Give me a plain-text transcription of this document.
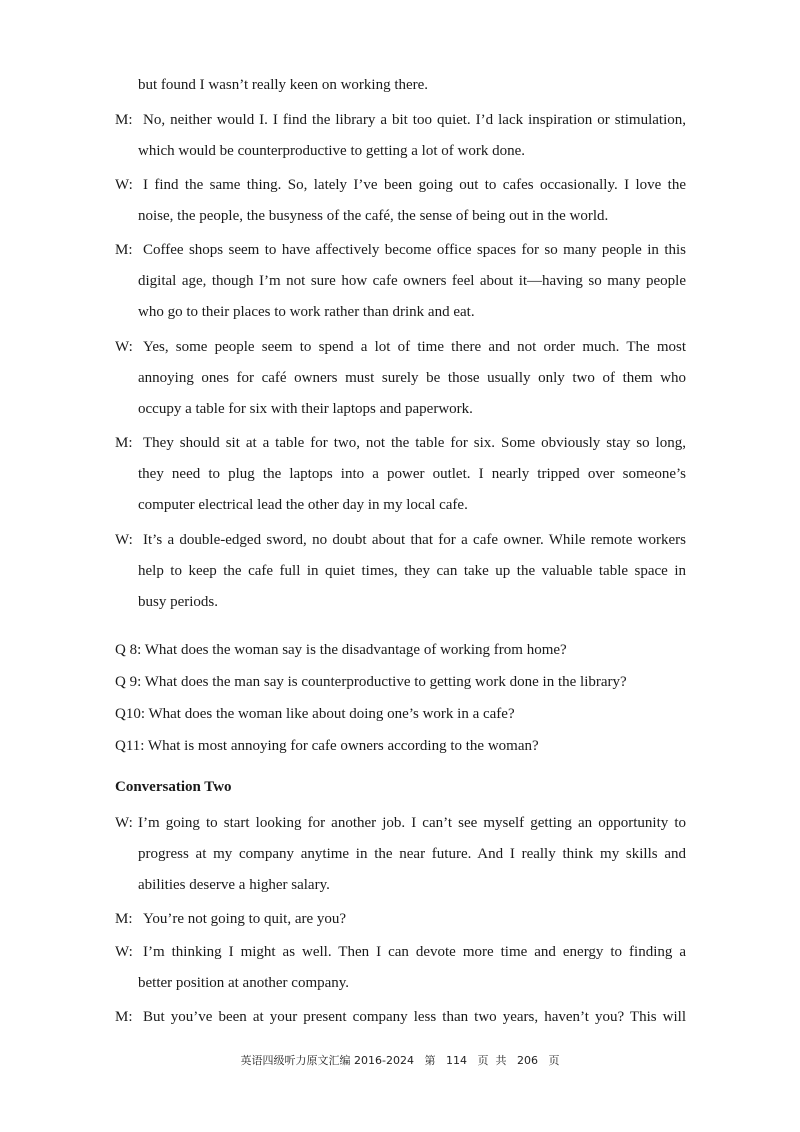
but found I wasn’t really keen on working there.
M: No, neither would I. I find the library a bit too quiet. I’d lack inspiration or stimulation,
which would be counterproductive to getting a lot of work done.
W: I find the same thing. So, lately I’ve been going out to cafes occasionally. I love the
noise, the people, the busyness of the café, the sense of being out in the world.
M: Coffee shops seem to have affectively become office spaces for so many people in this
digital age, though I’m not sure how cafe owners feel about it—having so many people
who go to their places to work rather than drink and eat.
W: Yes, some people seem to spend a lot of time there and not order much. The most
annoying ones for café owners must surely be those usually only two of them who
occupy a table for six with their laptops and paperwork.
M: They should sit at a table for two, not the table for six. Some obviously stay so long,
they need to plug the laptops into a power outlet. I nearly tripped over someone’s
computer electrical lead the other day in my local cafe.
W: It’s a double-edged sword, no doubt about that for a cafe owner. While remote workers
help to keep the cafe full in quiet times, they can take up the valuable table space in
busy periods.
Q 8: What does the woman say is the disadvantage of working from home?
Q 9: What does the man say is counterproductive to getting work done in the library?
Q10: What does the woman like about doing one’s work in a cafe?
Q11: What is most annoying for cafe owners according to the woman?
Conversation Two
W: I’m going to start looking for another job. I can’t see myself getting an opportunity to
progress at my company anytime in the near future. And I really think my skills and
abilities deserve a higher salary.
M: You’re not going to quit, are you?
W: I’m thinking I might as well. Then I can devote more time and energy to finding a
better position at another company.
M: But you’ve been at your present company less than two years, haven’t you? This will
英语四级听力原文汇编 2016-2024 第 114 页  共 206 页
